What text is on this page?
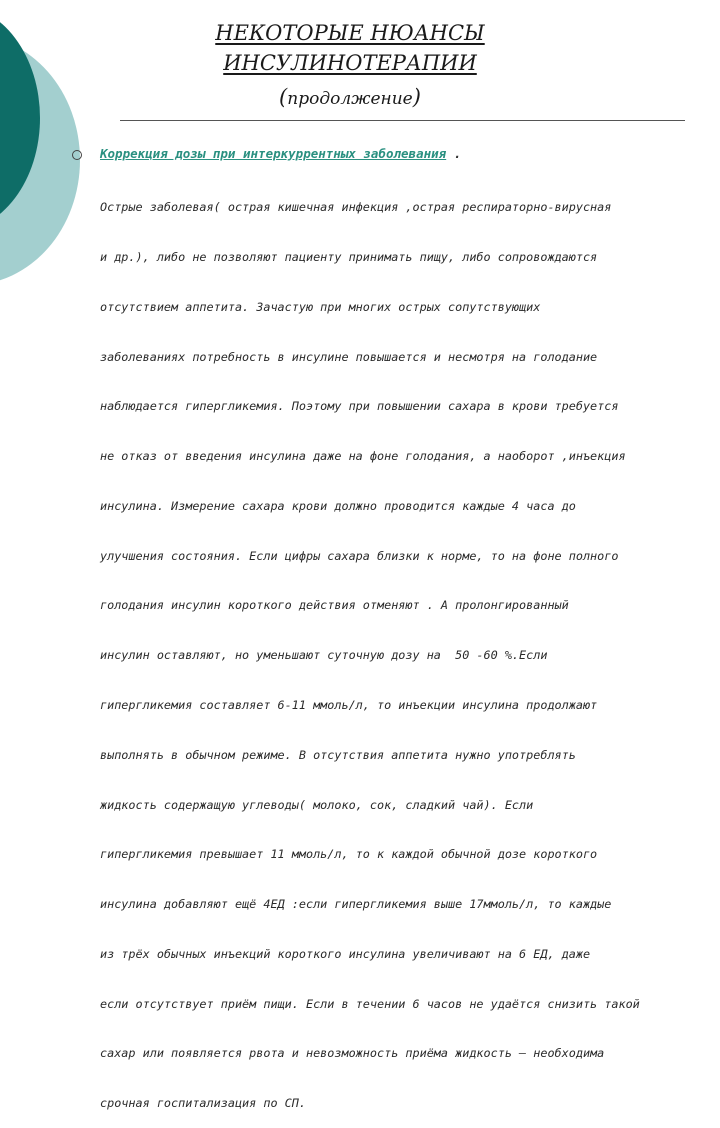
НЕКОТОРЫЕ НЮАНСЫ
ИНСУЛИНОТЕРАПИИ
(продолжение)
Коррекция дозы при интеркуррентных заболевания .

Острые заболевая( острая кишечная инфекция ,острая респираторно-вирусная

и др.), либо не позволяют пациенту принимать пищу, либо сопровождаются

отсутствием аппетита. Зачастую при многих острых сопутствующих

заболеваниях потребность в инсулине повышается и несмотря на голодание

наблюдается гипергликемия. Поэтому при повышении сахара в крови требуется

не отказ от введения инсулина даже на фоне голодания, а наоборот ,инъекция

инсулина. Измерение сахара крови должно проводится каждые 4 часа до

улучшения состояния. Если цифры сахара близки к норме, то на фоне полного

голодания инсулин короткого действия отменяют . А пролонгированный

инсулин оставляют, но уменьшают суточную дозу на  50 -60 %.Если

гипергликемия составляет 6-11 ммоль/л, то инъекции инсулина продолжают

выполнять в обычном режиме. В отсутствия аппетита нужно употреблять

жидкость содержащую углеводы( молоко, сок, сладкий чай). Если

гипергликемия превышает 11 ммоль/л, то к каждой обычной дозе короткого

инсулина добавляют ещё 4ЕД :если гипергликемия выше 17ммоль/л, то каждые

из трёх обычных инъекций короткого инсулина увеличивают на 6 ЕД, даже

если отсутствует приём пищи. Если в течении 6 часов не удаётся снизить такой

сахар или появляется рвота и невозможность приёма жидкость – необходима

срочная госпитализация по СП.
